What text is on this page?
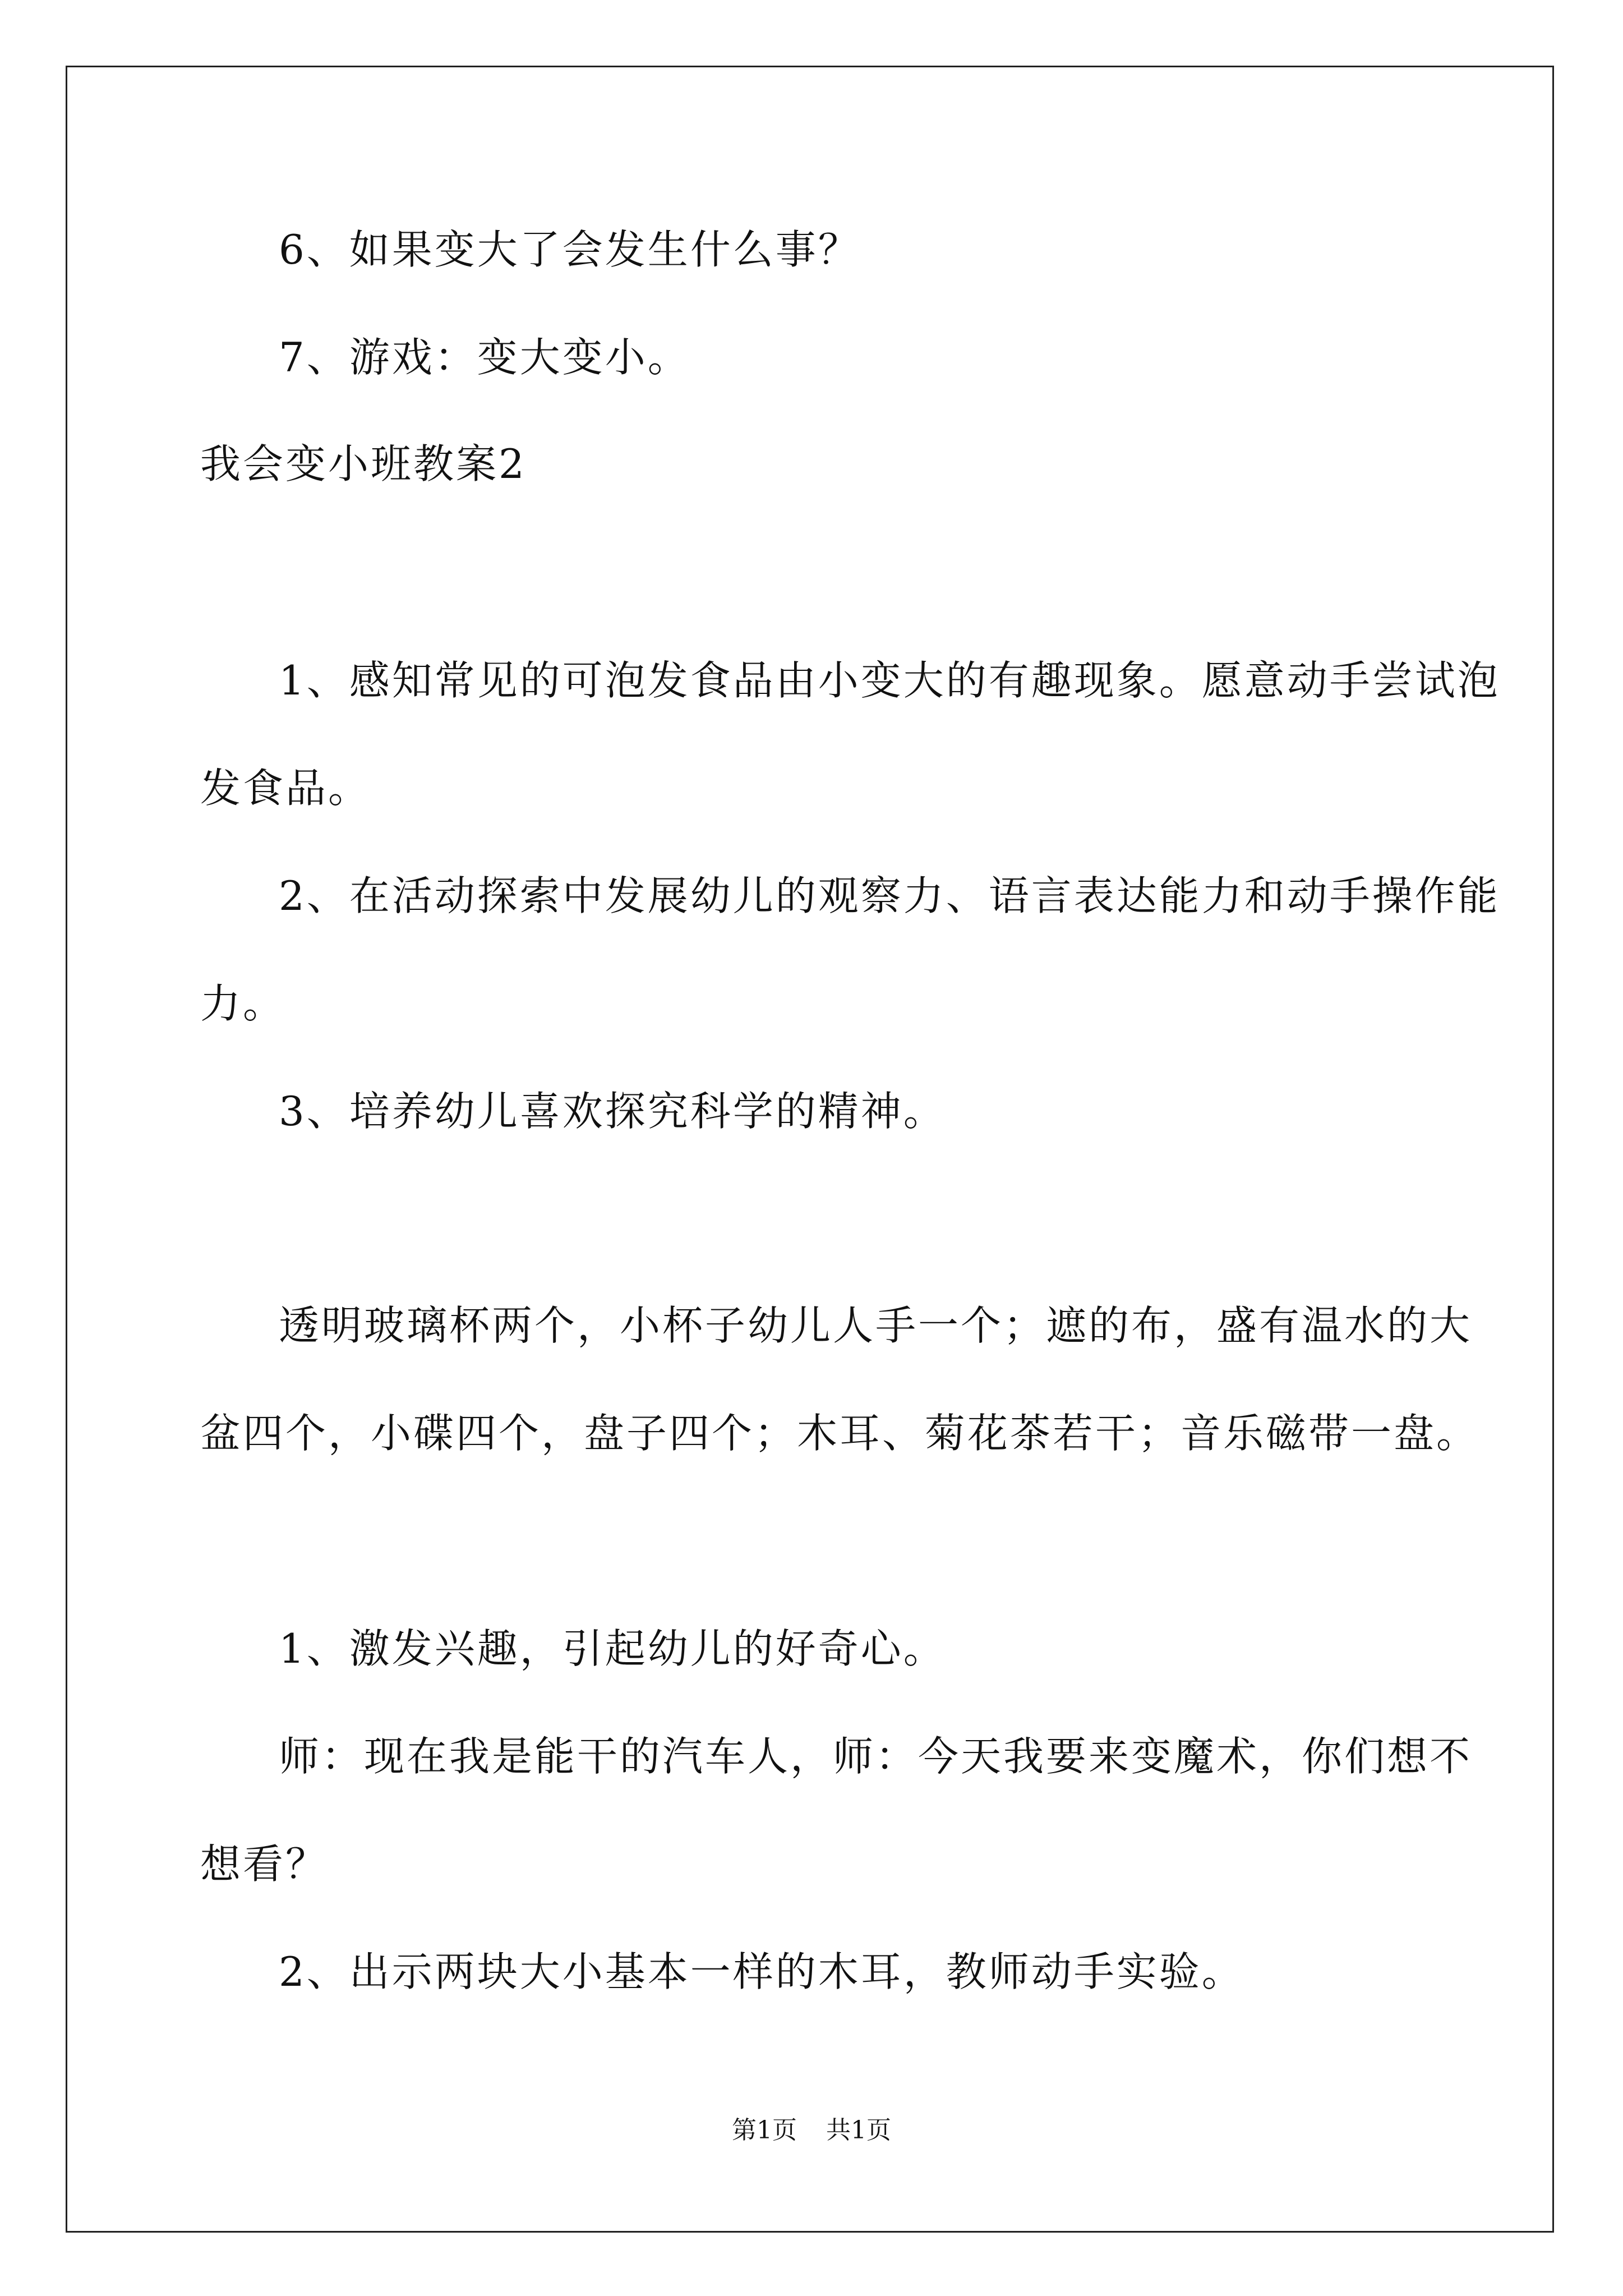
6、如果变大了会发生什么事？
7、游戏：变大变小。
我会变小班教案2
1、感知常见的可泡发食品由小变大的有趣现象。愿意动手尝试泡
发食品。
2、在活动探索中发展幼儿的观察力、语言表达能力和动手操作能
力。
3、培养幼儿喜欢探究科学的精神。
透明玻璃杯两个，小杯子幼儿人手一个；遮的布，盛有温水的大
盆四个，小碟四个，盘子四个；木耳、菊花茶若干；音乐磁带一盘。
1、激发兴趣，引起幼儿的好奇心。
师：现在我是能干的汽车人，师：今天我要来变魔术，你们想不
想看？
2、出示两块大小基本一样的木耳，教师动手实验。
第1页 共1页
